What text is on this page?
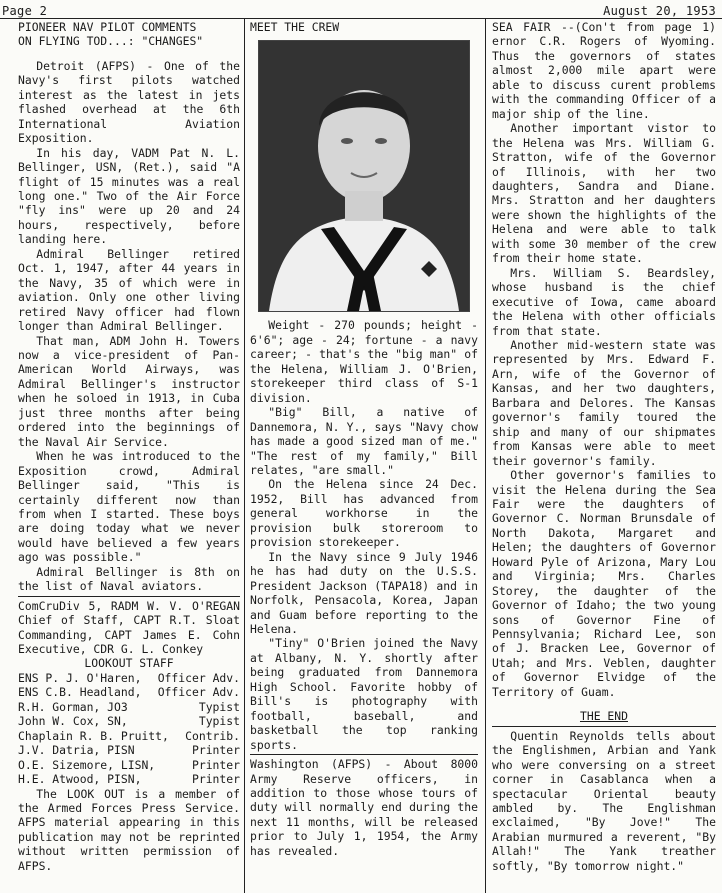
Page 2	August 20, 1953

PIONEER NAV PILOT COMMENTS
ON FLYING TOD...: "CHANGES"

Detroit (AFPS) - One of the Navy's first pilots watched interest as the latest in jets flashed overhead at the 6th International Aviation Exposition.

In his day, VADM Pat N. L. Bellinger, USN, (Ret.), said "A flight of 15 minutes was a real long one." Two of the Air Force "fly ins" were up 20 and 24 hours, respectively, before landing here.

Admiral Bellinger retired Oct. 1, 1947, after 44 years in the Navy, 35 of which were in aviation. Only one other living retired Navy officer had flown longer than Admiral Bellinger.

That man, ADM John H. Towers now a vice-president of Pan-American World Airways, was Admiral Bellinger's instructor when he soloed in 1913, in Cuba just three months after being ordered into the beginnings of the Naval Air Service.

When he was introduced to the Exposition crowd, Admiral Bellinger said, "This is certainly different now than from when I started. These boys are doing today what we never would have believed a few years ago was possible."

Admiral Bellinger is 8th on the list of Naval aviators.

ComCruDiv 5, RADM W. V. O'REGAN Chief of Staff, CAPT R.T. Sloat Commanding, CAPT James E. Cohn Executive, CDR G. L. Conkey

LOOKOUT STAFF

ENS P. J. O'Haren, Officer Adv.
ENS C.B. Headland, Officer Adv.
R.H. Gorman, JO3	Typist
John W. Cox, SN,	Typist
Chaplain R. B. Pruitt, Contrib.
J.V. Datria, PISN	Printer
O.E. Sizemore, LISN,	Printer
H.E. Atwood, PISN,	Printer

The LOOK OUT is a member of the Armed Forces Press Service. AFPS material appearing in this publication may not be reprinted without written permission of AFPS.

MEET THE CREW

Weight - 270 pounds; height - 6'6"; age - 24; fortune - a navy career; - that's the "big man" of the Helena, William J. O'Brien, storekeeper third class of S-1 division.

"Big" Bill, a native of Dannemora, N. Y., says "Navy chow has made a good sized man of me." "The rest of my family," Bill relates, "are small."

On the Helena since 24 Dec. 1952, Bill has advanced from general workhorse in the provision bulk storeroom to provision storekeeper.

In the Navy since 9 July 1946 he has had duty on the U.S.S. President Jackson (TAPA18) and in Norfolk, Pensacola, Korea, Japan and Guam before reporting to the Helena.

"Tiny" O'Brien joined the Navy at Albany, N. Y. shortly after being graduated from Dannemora High School. Favorite hobby of Bill's is photography with football, baseball, and basketball the top ranking sports.

Washington (AFPS) - About 8000 Army Reserve officers, in addition to those whose tours of duty will normally end during the next 11 months, will be released prior to July 1, 1954, the Army has revealed.

SEA FAIR --(Con't from page 1) ernor C.R. Rogers of Wyoming. Thus the governors of states almost 2,000 mile apart were able to discuss curent problems with the commanding Officer of a major ship of the line.

Another important vistor to the Helena was Mrs. William G. Stratton, wife of the Governor of Illinois, with her two daughters, Sandra and Diane. Mrs. Stratton and her daughters were shown the highlights of the Helena and were able to talk with some 30 member of the crew from their home state.

Mrs. William S. Beardsley, whose husband is the chief executive of Iowa, came aboard the Helena with other officials from that state.

Another mid-western state was represented by Mrs. Edward F. Arn, wife of the Governor of Kansas, and her two daughters, Barbara and Delores. The Kansas governor's family toured the ship and many of our shipmates from Kansas were able to meet their governor's family.

Other governor's families to visit the Helena during the Sea Fair were the daughters of Governor C. Norman Brunsdale of North Dakota, Margaret and Helen; the daughters of Governor Howard Pyle of Arizona, Mary Lou and Virginia; Mrs. Charles Storey, the daughter of the Governor of Idaho; the two young sons of Governor Fine of Pennsylvania; Richard Lee, son of J. Bracken Lee, Governor of Utah; and Mrs. Veblen, daughter of Governor Elvidge of the Territory of Guam.

THE END

Quentin Reynolds tells about the Englishmen, Arbian and Yank who were conversing on a street corner in Casablanca when a spectacular Oriental beauty ambled by. The Englishman exclaimed, "By Jove!" The Arabian murmured a reverent, "By Allah!" The Yank treather softly, "By tomorrow night."
